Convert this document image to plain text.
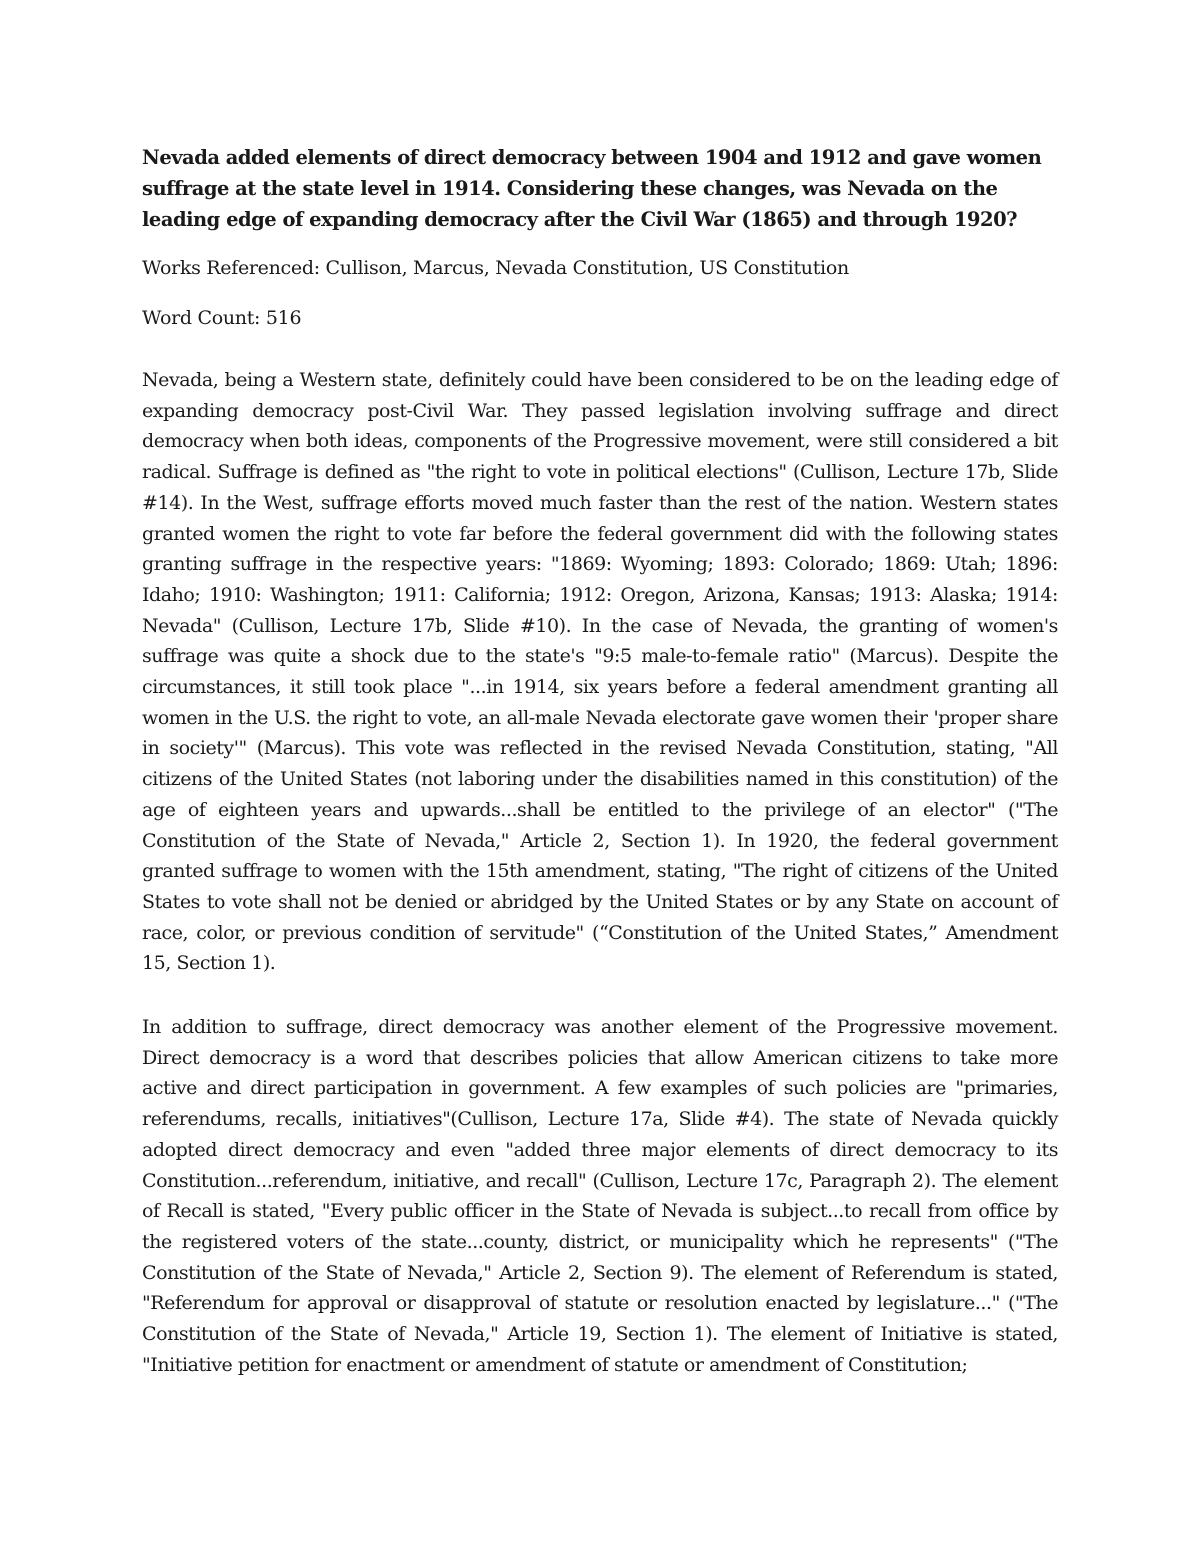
Nevada added elements of direct democracy between 1904 and 1912 and gave women suffrage at the state level in 1914. Considering these changes, was Nevada on the leading edge of expanding democracy after the Civil War (1865) and through 1920?

Works Referenced: Cullison, Marcus, Nevada Constitution, US Constitution

Word Count: 516

Nevada, being a Western state, definitely could have been considered to be on the leading edge of expanding democracy post-Civil War. They passed legislation involving suffrage and direct democracy when both ideas, components of the Progressive movement, were still considered a bit radical. Suffrage is defined as "the right to vote in political elections" (Cullison, Lecture 17b, Slide #14). In the West, suffrage efforts moved much faster than the rest of the nation. Western states granted women the right to vote far before the federal government did with the following states granting suffrage in the respective years: "1869: Wyoming; 1893: Colorado; 1869: Utah; 1896: Idaho; 1910: Washington; 1911: California; 1912: Oregon, Arizona, Kansas; 1913: Alaska; 1914: Nevada" (Cullison, Lecture 17b, Slide #10). In the case of Nevada, the granting of women's suffrage was quite a shock due to the state's "9:5 male-to-female ratio" (Marcus). Despite the circumstances, it still took place "...in 1914, six years before a federal amendment granting all women in the U.S. the right to vote, an all-male Nevada electorate gave women their 'proper share in society'" (Marcus). This vote was reflected in the revised Nevada Constitution, stating, "All citizens of the United States (not laboring under the disabilities named in this constitution) of the age of eighteen years and upwards...shall be entitled to the privilege of an elector" ("The Constitution of the State of Nevada," Article 2, Section 1). In 1920, the federal government granted suffrage to women with the 15th amendment, stating, "The right of citizens of the United States to vote shall not be denied or abridged by the United States or by any State on account of race, color, or previous condition of servitude" (“Constitution of the United States,” Amendment 15, Section 1).

In addition to suffrage, direct democracy was another element of the Progressive movement. Direct democracy is a word that describes policies that allow American citizens to take more active and direct participation in government. A few examples of such policies are "primaries, referendums, recalls, initiatives"(Cullison, Lecture 17a, Slide #4). The state of Nevada quickly adopted direct democracy and even "added three major elements of direct democracy to its Constitution...referendum, initiative, and recall" (Cullison, Lecture 17c, Paragraph 2). The element of Recall is stated, "Every public officer in the State of Nevada is subject...to recall from office by the registered voters of the state...county, district, or municipality which he represents" ("The Constitution of the State of Nevada," Article 2, Section 9). The element of Referendum is stated, "Referendum for approval or disapproval of statute or resolution enacted by legislature..." ("The Constitution of the State of Nevada," Article 19, Section 1). The element of Initiative is stated, "Initiative petition for enactment or amendment of statute or amendment of Constitution;
